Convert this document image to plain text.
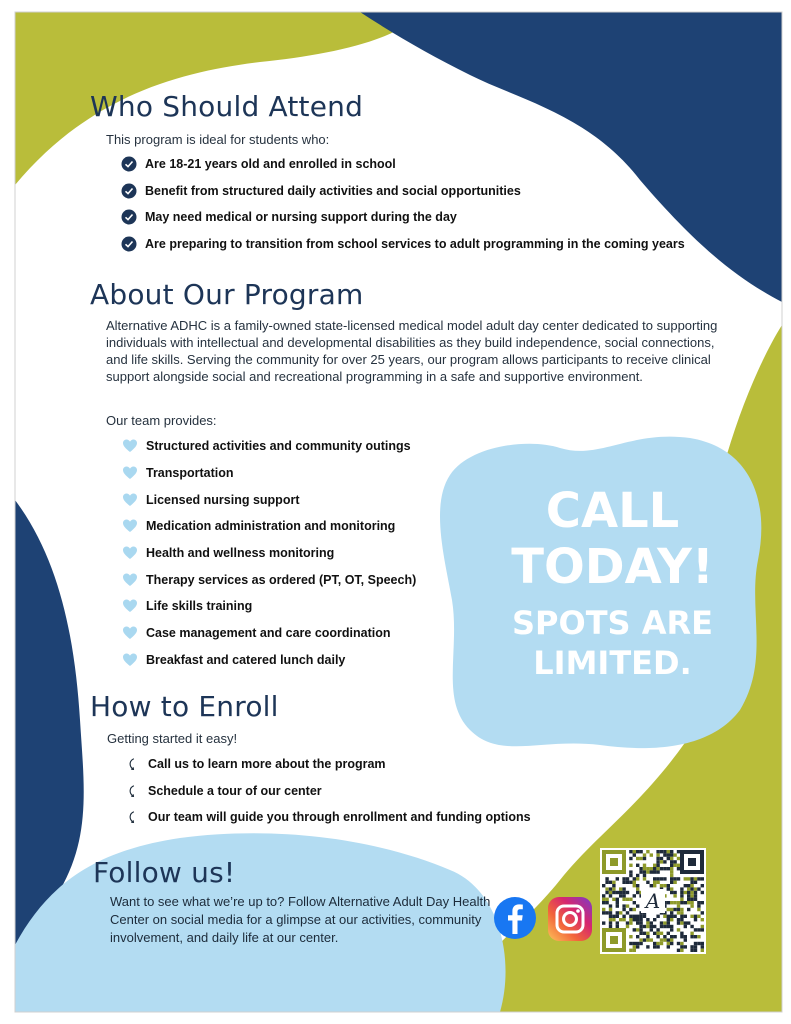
Who Should Attend
This program is ideal for students who:
Are 18-21 years old and enrolled in school
Benefit from structured daily activities and social opportunities
May need medical or nursing support during the day
Are preparing to transition from school services to adult programming in the coming years
About Our Program
Alternative ADHC is a family-owned state-licensed medical model adult day center dedicated to supporting individuals with intellectual and developmental disabilities as they build independence, social connections, and life skills. Serving the community for over 25 years, our program allows participants to receive clinical support alongside social and recreational programming in a safe and supportive environment.
Our team provides:
Structured activities and community outings
Transportation
Licensed nursing support
Medication administration and monitoring
Health and wellness monitoring
Therapy services as ordered (PT, OT, Speech)
Life skills training
Case management and care coordination
Breakfast and catered lunch daily
CALL
TODAY!
SPOTS ARE
LIMITED.
How to Enroll
Getting started it easy!
Call us to learn more about the program
Schedule a tour of our center
Our team will guide you through enrollment and funding options
Follow us!
Want to see what we’re up to? Follow Alternative Adult Day Health Center on social media for a glimpse at our activities, community involvement, and daily life at our center.
A
